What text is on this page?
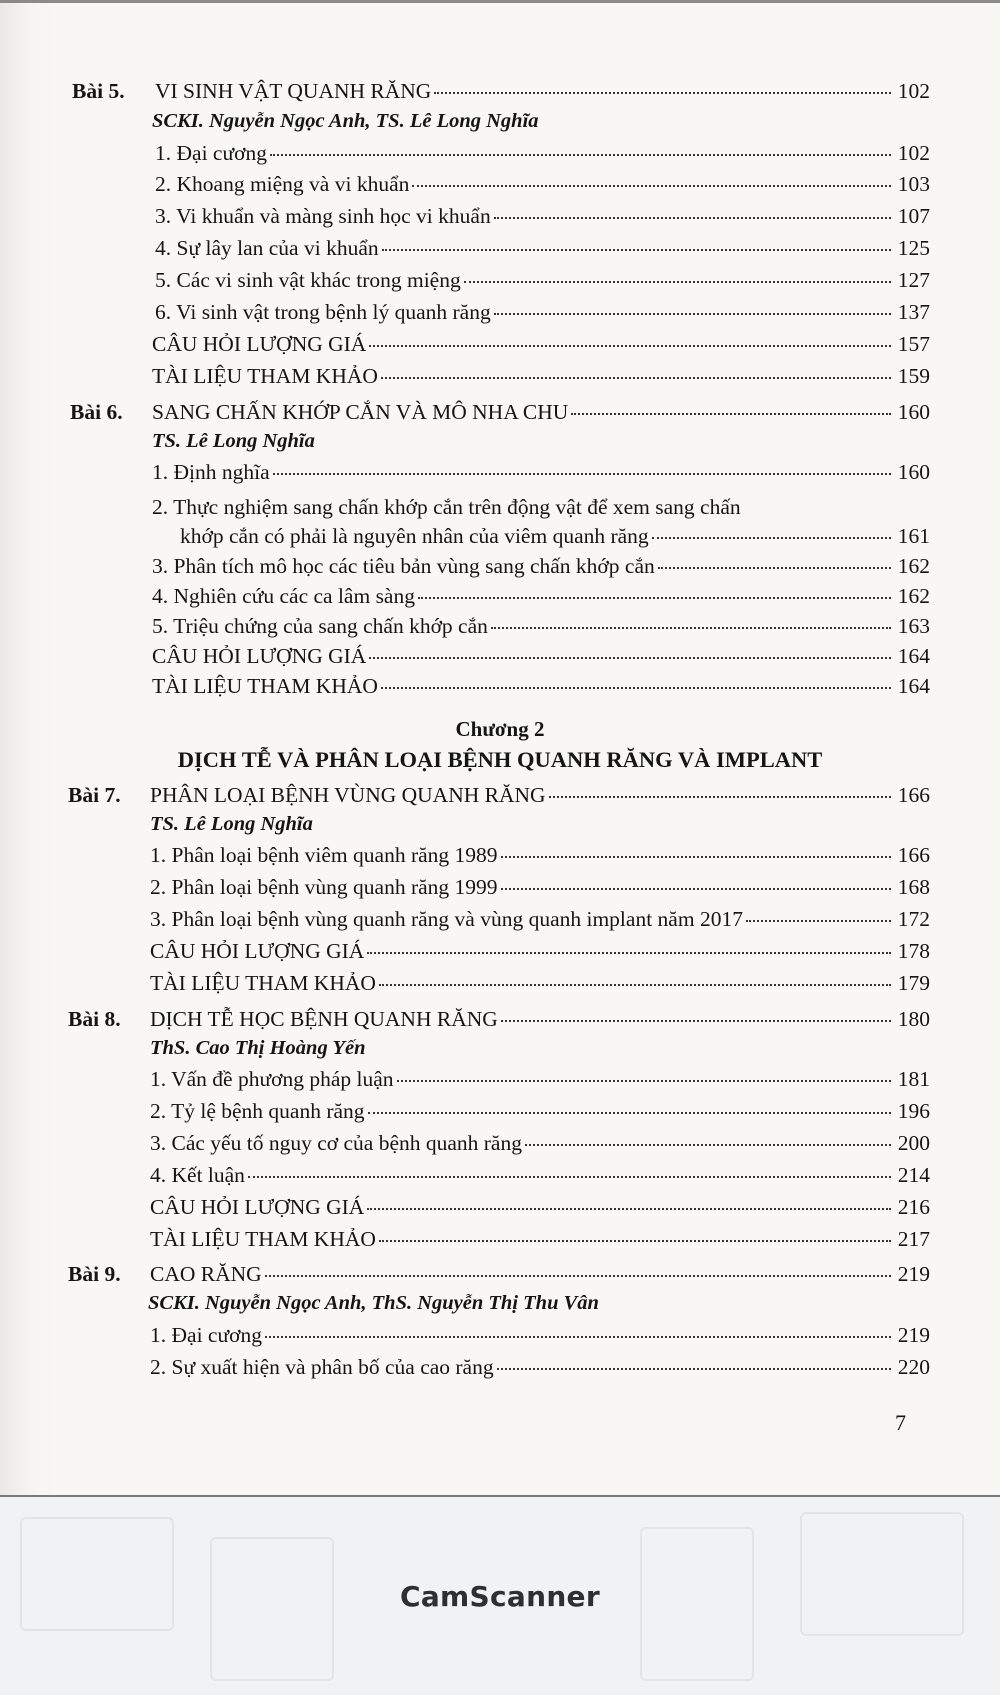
Bài 5. VI SINH VẬT QUANH RĂNG	102
SCKI. Nguyễn Ngọc Anh, TS. Lê Long Nghĩa
1. Đại cương	102
2. Khoang miệng và vi khuẩn	103
3. Vi khuẩn và màng sinh học vi khuẩn	107
4. Sự lây lan của vi khuẩn	125
5. Các vi sinh vật khác trong miệng	127
6. Vi sinh vật trong bệnh lý quanh răng	137
CÂU HỎI LƯỢNG GIÁ	157
TÀI LIỆU THAM KHẢO	159
Bài 6. SANG CHẤN KHỚP CẮN VÀ MÔ NHA CHU	160
TS. Lê Long Nghĩa
1. Định nghĩa	160
2. Thực nghiệm sang chấn khớp cắn trên động vật để xem sang chấn
khớp cắn có phải là nguyên nhân của viêm quanh răng	161
3. Phân tích mô học các tiêu bản vùng sang chấn khớp cắn	162
4. Nghiên cứu các ca lâm sàng	162
5. Triệu chứng của sang chấn khớp cắn	163
CÂU HỎI LƯỢNG GIÁ	164
TÀI LIỆU THAM KHẢO	164
Chương 2
DỊCH TỄ VÀ PHÂN LOẠI BỆNH QUANH RĂNG VÀ IMPLANT
Bài 7. PHÂN LOẠI BỆNH VÙNG QUANH RĂNG	166
TS. Lê Long Nghĩa
1. Phân loại bệnh viêm quanh răng 1989	166
2. Phân loại bệnh vùng quanh răng 1999	168
3. Phân loại bệnh vùng quanh răng và vùng quanh implant năm 2017	172
CÂU HỎI LƯỢNG GIÁ	178
TÀI LIỆU THAM KHẢO	179
Bài 8. DỊCH TỄ HỌC BỆNH QUANH RĂNG	180
ThS. Cao Thị Hoàng Yến
1. Vấn đề phương pháp luận	181
2. Tỷ lệ bệnh quanh răng	196
3. Các yếu tố nguy cơ của bệnh quanh răng	200
4. Kết luận	214
CÂU HỎI LƯỢNG GIÁ	216
TÀI LIỆU THAM KHẢO	217
Bài 9. CAO RĂNG	219
SCKI. Nguyễn Ngọc Anh, ThS. Nguyễn Thị Thu Vân
1. Đại cương	219
2. Sự xuất hiện và phân bố của cao răng	220
7
CamScanner
